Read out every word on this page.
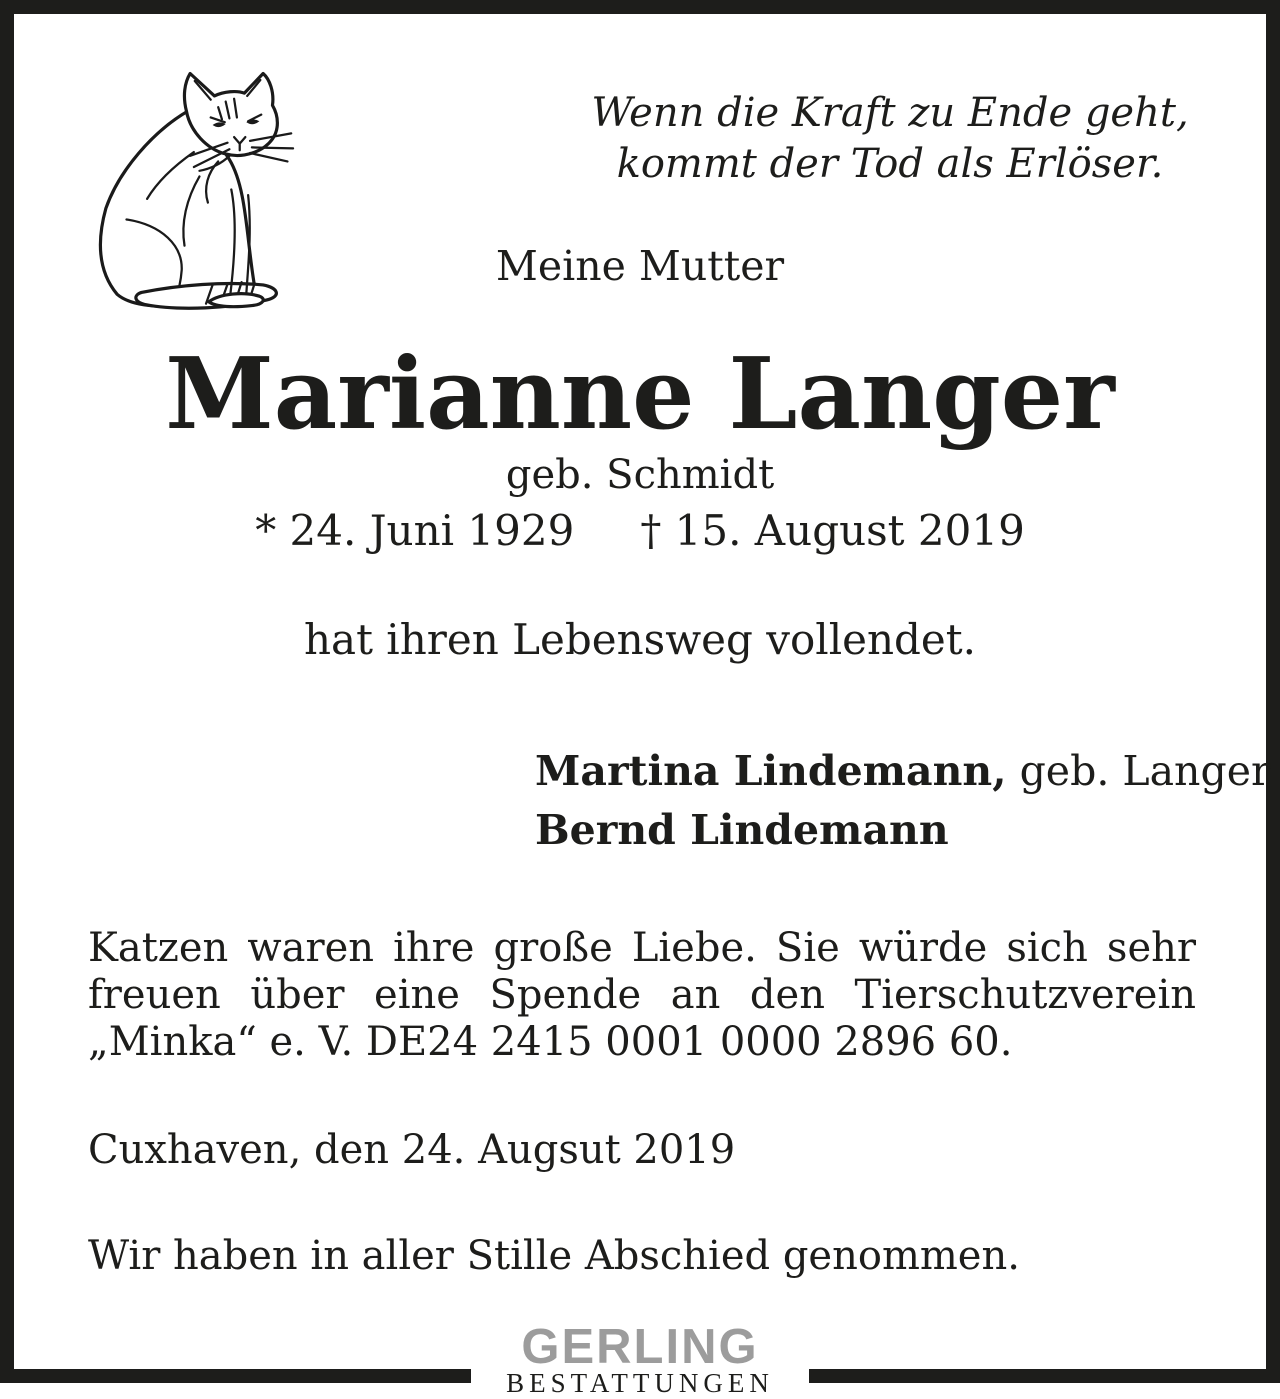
Wenn die Kraft zu Ende geht,
kommt der Tod als Erlöser.
Meine Mutter
Marianne Langer
geb. Schmidt
* 24. Juni 1929 † 15. August 2019
hat ihren Lebensweg vollendet.
Martina Lindemann, geb. Langer
Bernd Lindemann
Katzen waren ihre große Liebe. Sie würde sich sehr
freuen über eine Spende an den Tierschutzverein
„Minka“ e. V. DE24 2415 0001 0000 2896 60.
Cuxhaven, den 24. Augsut 2019
Wir haben in aller Stille Abschied genommen.
GERLING
BESTATTUNGEN
